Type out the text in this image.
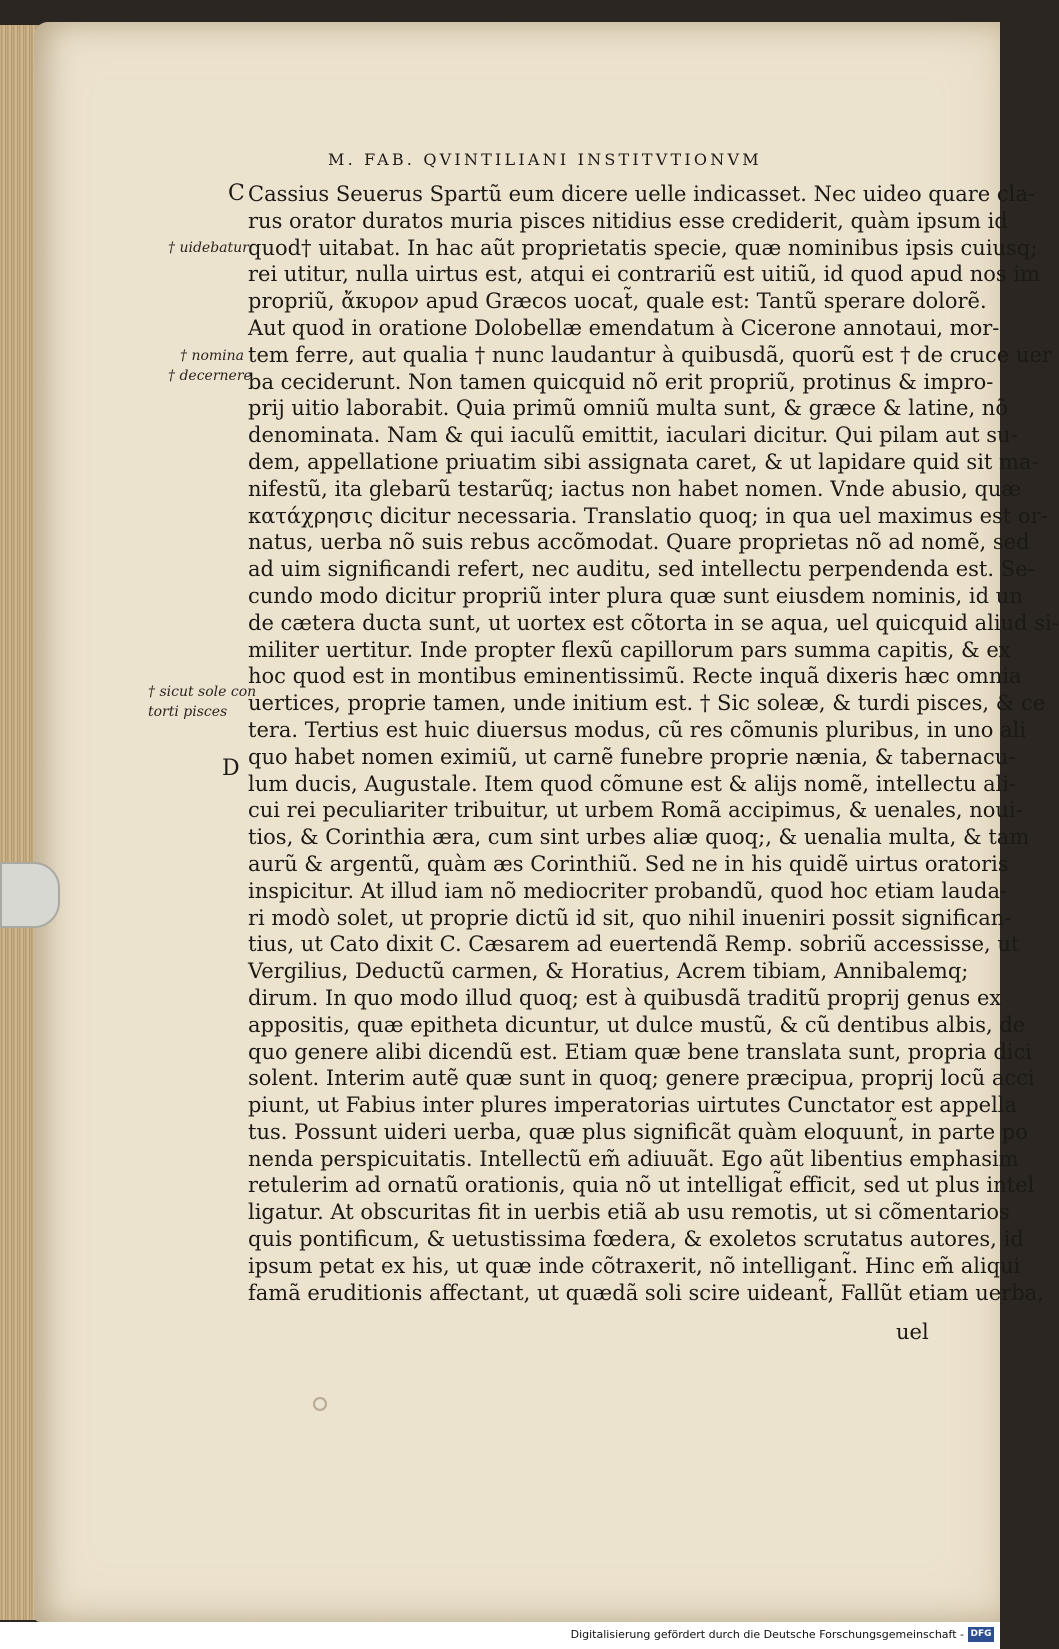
M. FAB. QVINTILIANI INSTITVTIONVM
C
D
† uidebatur
† nomina
† decernere
† sicut sole con
torti pisces
Cassius Seuerus Spartũ eum dicere uelle indicasset. Nec uideo quare cla-
rus orator duratos muria pisces nitidius esse crediderit, quàm ipsum id
quod† uitabat. In hac aũt proprietatis specie, quæ nominibus ipsis cuiusq;
rei utitur, nulla uirtus est, atqui ei contrariũ est uitiũ, id quod apud nos im
propriũ, ἄκυρον apud Græcos uocat̃, quale est: Tantũ sperare dolorẽ.
Aut quod in oratione Dolobellæ emendatum à Cicerone annotaui, mor-
tem ferre, aut qualia † nunc laudantur à quibusdã, quorũ est † de cruce uer
ba ceciderunt. Non tamen quicquid nõ erit propriũ, protinus & impro-
prij uitio laborabit. Quia primũ omniũ multa sunt, & græce & latine, nõ
denominata. Nam & qui iaculũ emittit, iaculari dicitur. Qui pilam aut su-
dem, appellatione priuatim sibi assignata caret, & ut lapidare quid sit ma-
nifestũ, ita glebarũ testarũq; iactus non habet nomen. Vnde abusio, quæ
κατάχρησις dicitur necessaria. Translatio quoq; in qua uel maximus est or-
natus, uerba nõ suis rebus accõmodat. Quare proprietas nõ ad nomẽ, sed
ad uim significandi refert, nec auditu, sed intellectu perpendenda est. Se-
cundo modo dicitur propriũ inter plura quæ sunt eiusdem nominis, id un
de cætera ducta sunt, ut uortex est cõtorta in se aqua, uel quicquid aliud si-
militer uertitur. Inde propter flexũ capillorum pars summa capitis, & ex
hoc quod est in montibus eminentissimũ. Recte inquã dixeris hæc omnia
uertices, proprie tamen, unde initium est. † Sic soleæ, & turdi pisces, & ce
tera. Tertius est huic diuersus modus, cũ res cõmunis pluribus, in uno ali
quo habet nomen eximiũ, ut carnẽ funebre proprie nænia, & tabernacu-
lum ducis, Augustale. Item quod cõmune est & alijs nomẽ, intellectu ali-
cui rei peculiariter tribuitur, ut urbem Romã accipimus, & uenales, noui-
tios, & Corinthia æra, cum sint urbes aliæ quoq;, & uenalia multa, & tam
aurũ & argentũ, quàm æs Corinthiũ. Sed ne in his quidẽ uirtus oratoris
inspicitur. At illud iam nõ mediocriter probandũ, quod hoc etiam lauda-
ri modò solet, ut proprie dictũ id sit, quo nihil inueniri possit significan-
tius, ut Cato dixit C. Cæsarem ad euertendã Remp. sobriũ accessisse, ut
Vergilius, Deductũ carmen, & Horatius, Acrem tibiam, Annibalemq;
dirum. In quo modo illud quoq; est à quibusdã traditũ proprij genus ex
appositis, quæ epitheta dicuntur, ut dulce mustũ, & cũ dentibus albis, de
quo genere alibi dicendũ est. Etiam quæ bene translata sunt, propria dici
solent. Interim autẽ quæ sunt in quoq; genere præcipua, proprij locũ acci
piunt, ut Fabius inter plures imperatorias uirtutes Cunctator est appella
tus. Possunt uideri uerba, quæ plus significãt quàm eloquunt̃, in parte po
nenda perspicuitatis. Intellectũ em̃ adiuuãt. Ego aũt libentius emphasim
retulerim ad ornatũ orationis, quia nõ ut intelligat̃ efficit, sed ut plus intel
ligatur. At obscuritas fit in uerbis etiã ab usu remotis, ut si cõmentarios
quis pontificum, & uetustissima fœdera, & exoletos scrutatus autores, id
ipsum petat ex his, ut quæ inde cõtraxerit, nõ intelligant̃. Hinc em̃ aliqui
famã eruditionis affectant, ut quædã soli scire uideant̃, Fallũt etiam uerba,
uel
Digitalisierung gefördert durch die Deutsche Forschungsgemeinschaft - DFG
